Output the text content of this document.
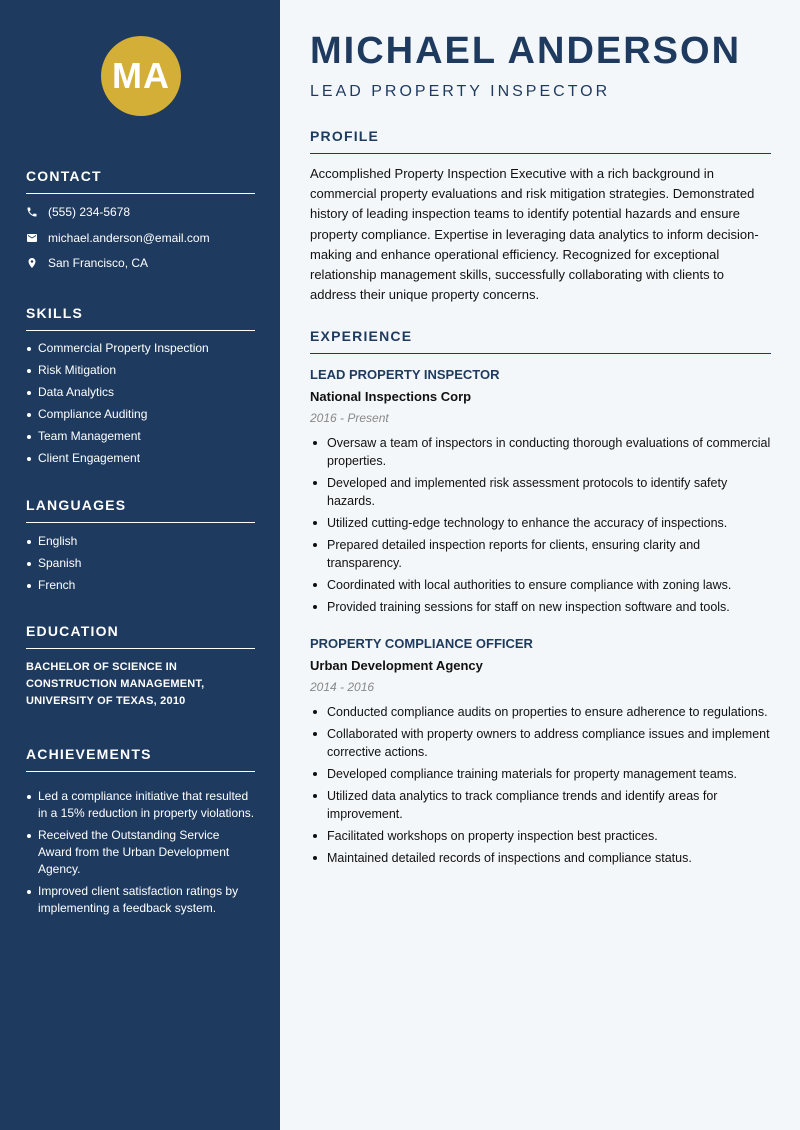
MA
CONTACT
(555) 234-5678
michael.anderson@email.com
San Francisco, CA
SKILLS
Commercial Property Inspection
Risk Mitigation
Data Analytics
Compliance Auditing
Team Management
Client Engagement
LANGUAGES
English
Spanish
French
EDUCATION
BACHELOR OF SCIENCE IN CONSTRUCTION MANAGEMENT, UNIVERSITY OF TEXAS, 2010
ACHIEVEMENTS
Led a compliance initiative that resulted in a 15% reduction in property violations.
Received the Outstanding Service Award from the Urban Development Agency.
Improved client satisfaction ratings by implementing a feedback system.
MICHAEL ANDERSON
LEAD PROPERTY INSPECTOR
PROFILE
Accomplished Property Inspection Executive with a rich background in commercial property evaluations and risk mitigation strategies. Demonstrated history of leading inspection teams to identify potential hazards and ensure property compliance. Expertise in leveraging data analytics to inform decision-making and enhance operational efficiency. Recognized for exceptional relationship management skills, successfully collaborating with clients to address their unique property concerns.
EXPERIENCE
LEAD PROPERTY INSPECTOR
National Inspections Corp
2016 - Present
Oversaw a team of inspectors in conducting thorough evaluations of commercial properties.
Developed and implemented risk assessment protocols to identify safety hazards.
Utilized cutting-edge technology to enhance the accuracy of inspections.
Prepared detailed inspection reports for clients, ensuring clarity and transparency.
Coordinated with local authorities to ensure compliance with zoning laws.
Provided training sessions for staff on new inspection software and tools.
PROPERTY COMPLIANCE OFFICER
Urban Development Agency
2014 - 2016
Conducted compliance audits on properties to ensure adherence to regulations.
Collaborated with property owners to address compliance issues and implement corrective actions.
Developed compliance training materials for property management teams.
Utilized data analytics to track compliance trends and identify areas for improvement.
Facilitated workshops on property inspection best practices.
Maintained detailed records of inspections and compliance status.
